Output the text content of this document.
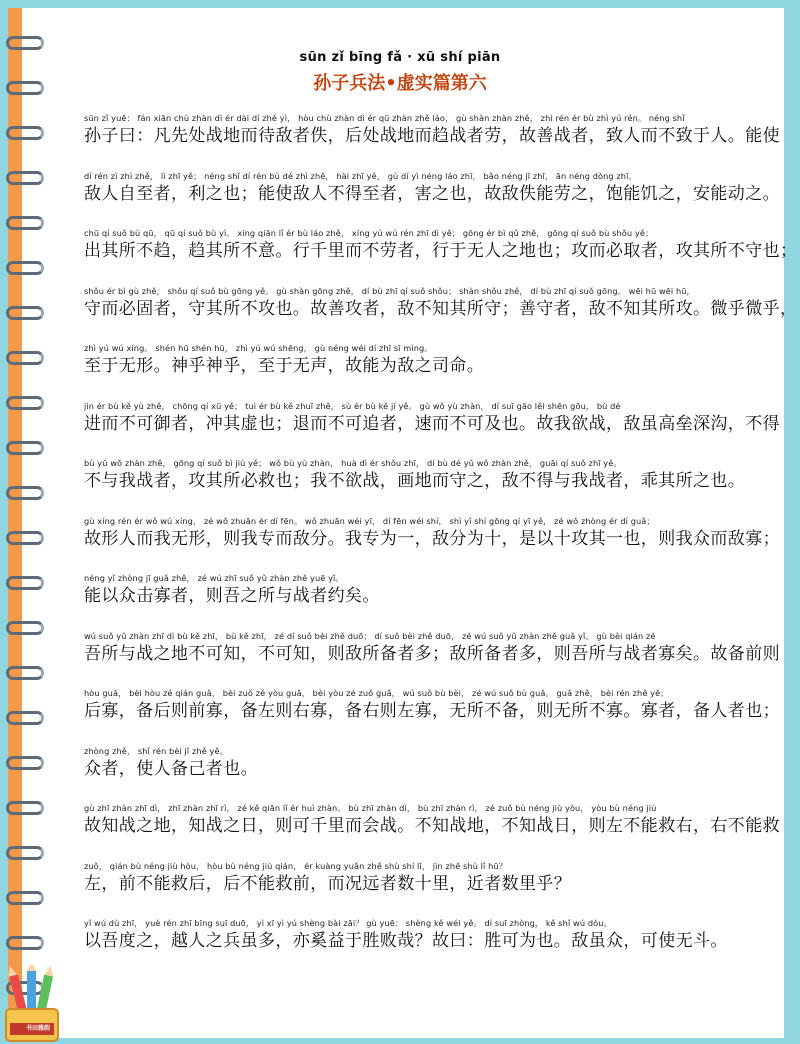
sūn zǐ bīng fǎ · xū shí piān
孙子兵法•虚实篇第六
sūn zǐ yuē： fán xiān chù zhàn dì ér dài dí zhě yì， hòu chù zhàn dì ér qū zhàn zhě láo， gù shàn zhàn zhě， zhì rén ér bù zhì yú rén。 néng shǐ
孙子曰：凡先处战地而待敌者佚，后处战地而趋战者劳，故善战者，致人而不致于人。能使
dí rén zì zhì zhě， lì zhī yě； néng shǐ dí rén bù dé zhì zhě， hài zhī yě， gù dí yì néng láo zhī， bǎo néng jī zhī， ān néng dòng zhī。
敌人自至者，利之也；能使敌人不得至者，害之也，故敌佚能劳之，饱能饥之，安能动之。
chū qí suǒ bù qū， qū qí suǒ bù yì。 xíng qiān lǐ ér bù láo zhě， xíng yú wú rén zhī dì yě； gōng ér bì qǔ zhě， gōng qí suǒ bù shǒu yě；
出其所不趋，趋其所不意。行千里而不劳者，行于无人之地也；攻而必取者，攻其所不守也；
shǒu ér bì gù zhě， shǒu qí suǒ bù gōng yě。 gù shàn gōng zhě， dí bù zhī qí suǒ shǒu； shàn shǒu zhě， dí bù zhī qí suǒ gōng。 wēi hū wēi hū，
守而必固者，守其所不攻也。故善攻者，敌不知其所守；善守者，敌不知其所攻。微乎微乎，
zhì yú wú xíng。 shén hū shén hū， zhì yú wú shēng， gù néng wéi dí zhī sī mìng。
至于无形。神乎神乎，至于无声，故能为敌之司命。
jìn ér bù kě yù zhě， chōng qí xū yě； tuì ér bù kě zhuī zhě， sù ér bù kě jí yě。 gù wǒ yù zhàn， dí suī gāo lěi shēn gōu， bù dé
进而不可御者，冲其虚也；退而不可追者，速而不可及也。故我欲战，敌虽高垒深沟，不得
bù yǔ wǒ zhàn zhě， gōng qí suǒ bì jiù yě； wǒ bù yù zhàn， huà dì ér shǒu zhī， dí bù dé yǔ wǒ zhàn zhě， guāi qí suǒ zhī yě。
不与我战者，攻其所必救也；我不欲战，画地而守之，敌不得与我战者，乖其所之也。
gù xíng rén ér wǒ wú xíng， zé wǒ zhuān ér dí fēn。 wǒ zhuān wéi yī， dí fēn wéi shí， shì yǐ shí gōng qí yī yě， zé wǒ zhòng ér dí guǎ；
故形人而我无形，则我专而敌分。我专为一，敌分为十，是以十攻其一也，则我众而敌寡；
néng yǐ zhòng jī guǎ zhě， zé wú zhī suǒ yǔ zhàn zhě yuē yǐ。
能以众击寡者，则吾之所与战者约矣。
wú suǒ yǔ zhàn zhī dì bù kě zhī， bù kě zhī， zé dí suǒ bèi zhě duō； dí suǒ bèi zhě duō， zé wú suǒ yǔ zhàn zhě guǎ yǐ。 gù bèi qián zé
吾所与战之地不可知，不可知，则敌所备者多；敌所备者多，则吾所与战者寡矣。故备前则
hòu guǎ， bèi hòu zé qián guǎ， bèi zuǒ zé yòu guǎ， bèi yòu zé zuǒ guǎ， wú suǒ bù bèi， zé wú suǒ bù guǎ。 guǎ zhě， bèi rén zhě yě；
后寡，备后则前寡，备左则右寡，备右则左寡，无所不备，则无所不寡。寡者，备人者也；
zhòng zhě， shǐ rén bèi jǐ zhě yě。
众者，使人备己者也。
gù zhī zhàn zhī dì， zhī zhàn zhī rì， zé kě qiān lǐ ér huì zhàn。 bù zhī zhàn dì， bù zhī zhàn rì， zé zuǒ bù néng jiù yòu， yòu bù néng jiù
故知战之地，知战之日，则可千里而会战。不知战地，不知战日，则左不能救右，右不能救
zuǒ， qián bù néng jiù hòu， hòu bù néng jiù qián， ér kuàng yuǎn zhě shù shí lǐ， jìn zhě shù lǐ hū？
左，前不能救后，后不能救前，而况远者数十里，近者数里乎？
yǐ wú dù zhī， yuè rén zhī bīng suī duō， yì xī yì yú shèng bài zāi？ gù yuē： shèng kě wéi yě。 dí suī zhòng， kě shǐ wú dòu。
以吾度之，越人之兵虽多，亦奚益于胜败哉？故曰：胜可为也。敌虽众，可使无斗。
书田雅韵
